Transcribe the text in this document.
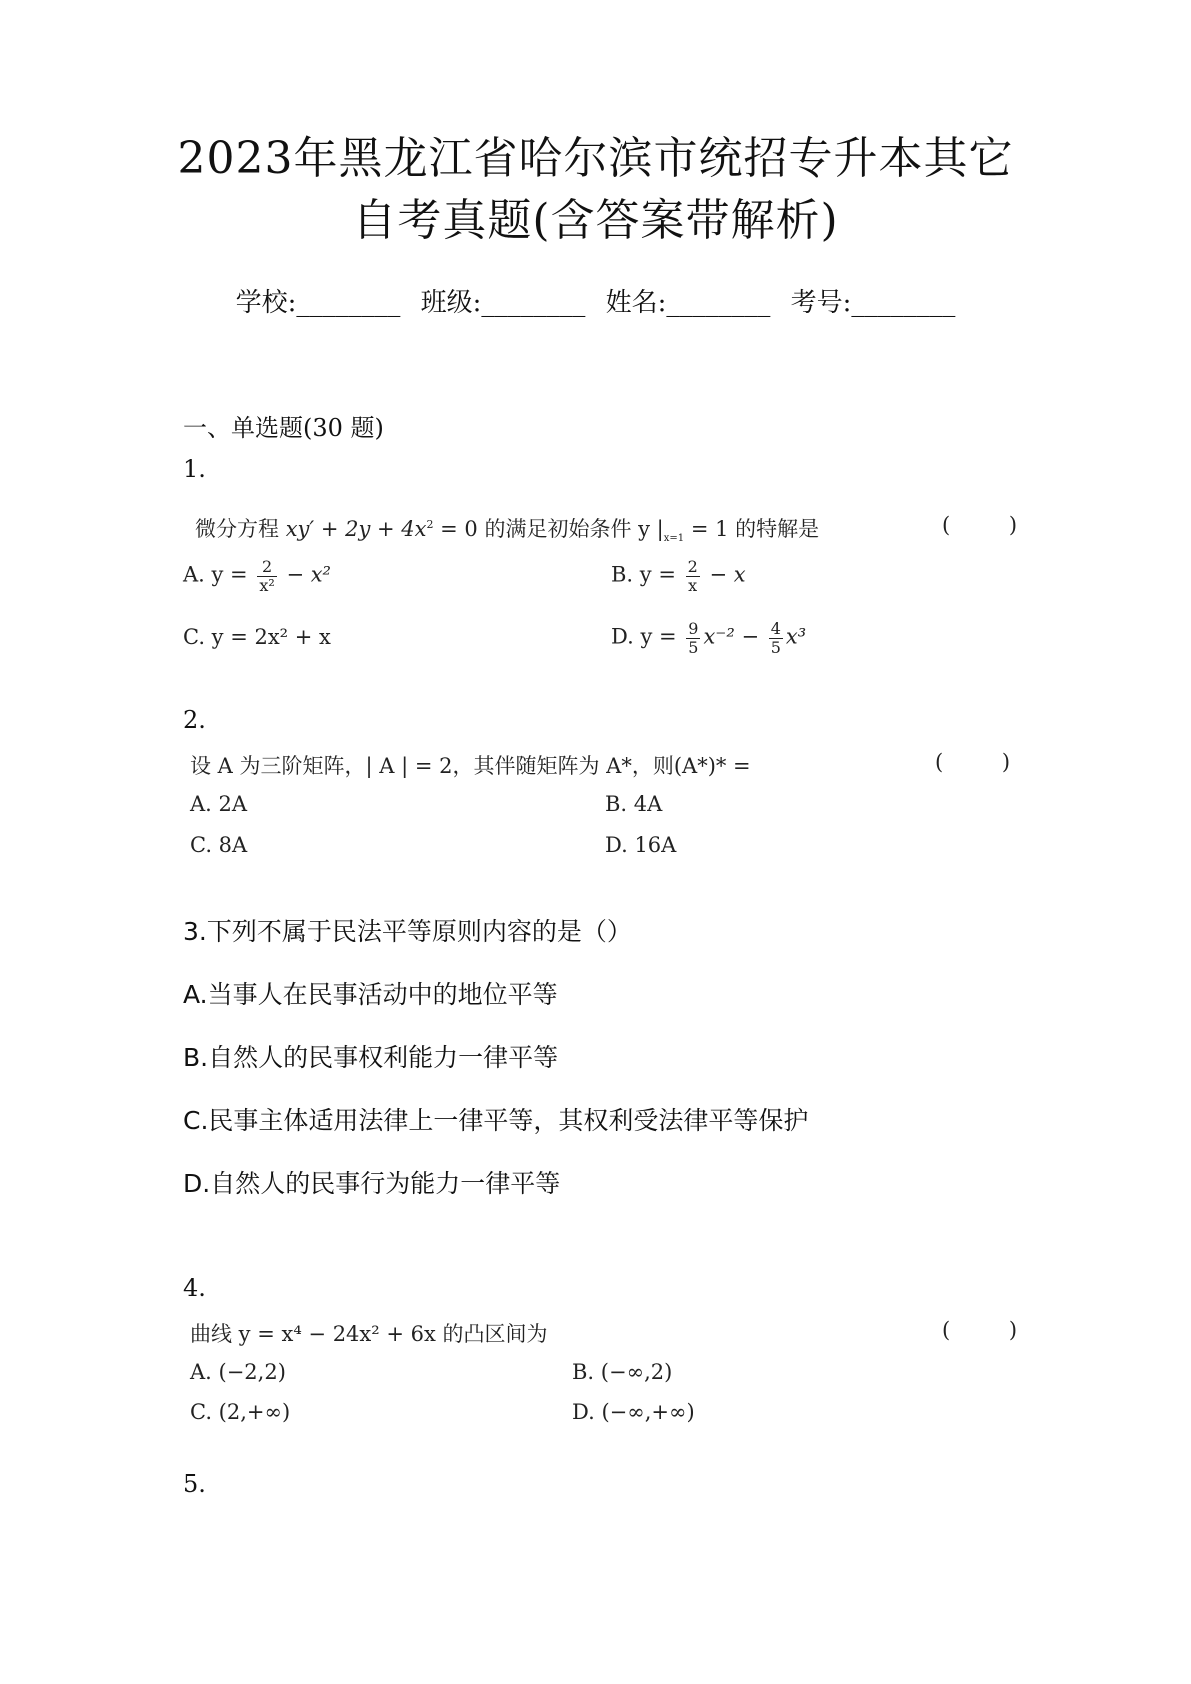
2023年黑龙江省哈尔滨市统招专升本其它
自考真题(含答案带解析)
学校:________ 班级:________ 姓名:________ 考号:________
一、单选题(30 题)
1.
微分方程 $xy' + 2y + 4x^2 = 0$ 的满足初始条件 y $|_{x=1} = 1$ 的特解是	( )
A. $y = \frac{2}{\text{x²}} - x^2$	B. $y = \frac{2}{x} - x$
C. y = 2x² + x	D. $y = \frac{9}{5} x^{-2} - \frac{4}{5} x^3$
2.
设 A 为三阶矩阵，| A | = 2，其伴随矩阵为 A*，则(A*)* =	( )
A. 2A	B. 4A
C. 8A	D. 16A
3.下列不属于民法平等原则内容的是（）
A.当事人在民事活动中的地位平等
B.自然人的民事权利能力一律平等
C.民事主体适用法律上一律平等，其权利受法律平等保护
D.自然人的民事行为能力一律平等
4.
曲线 y = x⁴ − 24x² + 6x 的凸区间为	( )
A. (−2,2)	B. (−∞,2)
C. (2,+∞)	D. (−∞,+∞)
5.
